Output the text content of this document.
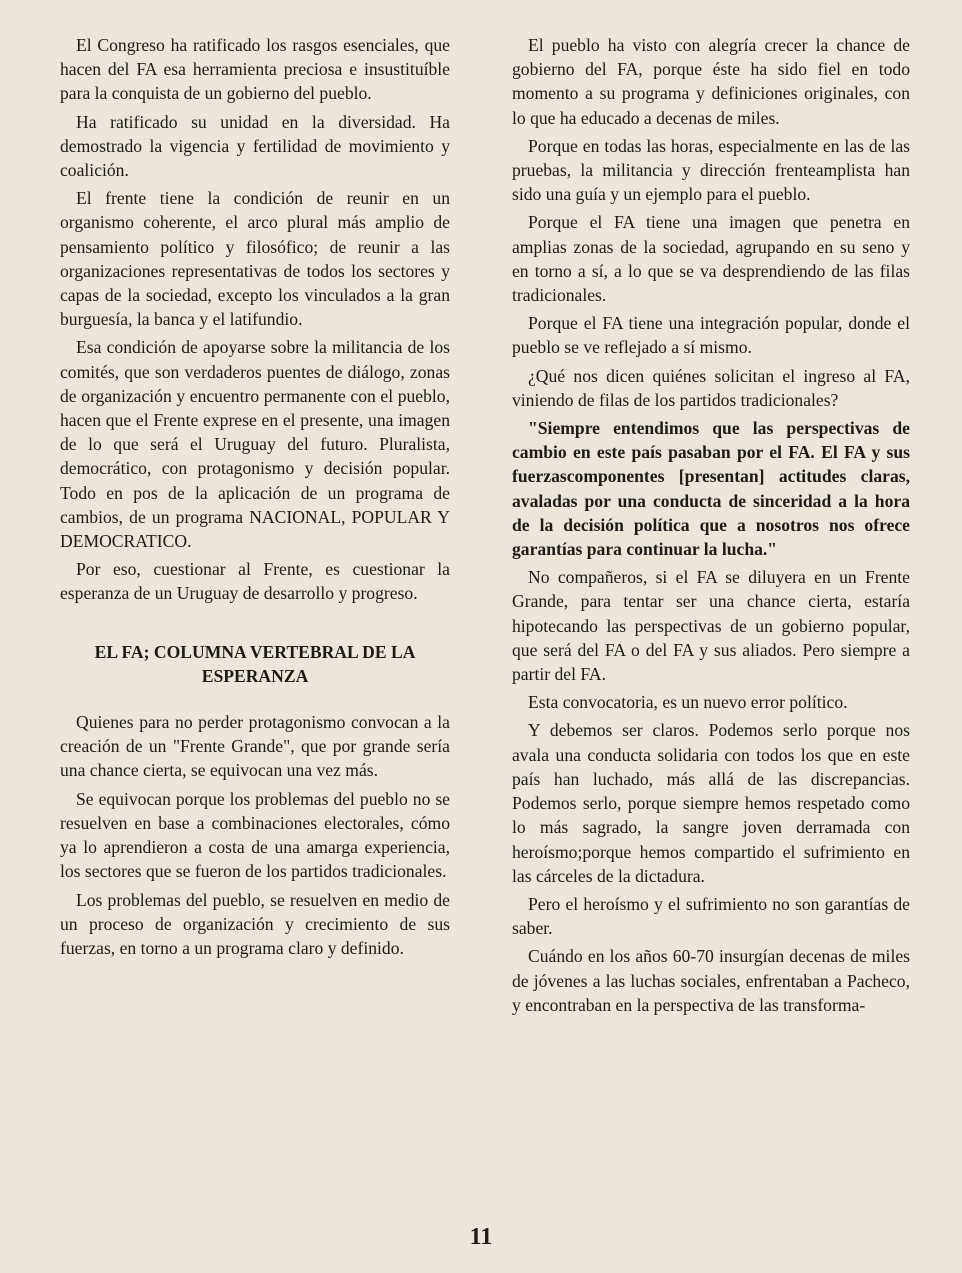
El Congreso ha ratificado los rasgos esenciales, que hacen del FA esa herramienta preciosa e insustituíble para la conquista de un gobierno del pueblo.

Ha ratificado su unidad en la diversidad. Ha demostrado la vigencia y fertilidad de movimiento y coalición.

El frente tiene la condición de reunir en un organismo coherente, el arco plural más amplio de pensamiento político y filosófico; de reunir a las organizaciones representativas de todos los sectores y capas de la sociedad, excepto los vinculados a la gran burguesía, la banca y el latifundio.

Esa condición de apoyarse sobre la militancia de los comités, que son verdaderos puentes de diálogo, zonas de organización y encuentro permanente con el pueblo, hacen que el Frente exprese en el presente, una imagen de lo que será el Uruguay del futuro. Pluralista, democrático, con protagonismo y decisión popular. Todo en pos de la aplicación de un programa de cambios, de un programa NACIONAL, POPULAR Y DEMOCRATICO.

Por eso, cuestionar al Frente, es cuestionar la esperanza de un Uruguay de desarrollo y progreso.

EL FA; COLUMNA VERTEBRAL DE LA ESPERANZA

Quienes para no perder protagonismo convocan a la creación de un "Frente Grande", que por grande sería una chance cierta, se equivocan una vez más.

Se equivocan porque los problemas del pueblo no se resuelven en base a combinaciones electorales, cómo ya lo aprendieron a costa de una amarga experiencia, los sectores que se fueron de los partidos tradicionales.

Los problemas del pueblo, se resuelven en medio de un proceso de organización y crecimiento de sus fuerzas, en torno a un programa claro y definido.

El pueblo ha visto con alegría crecer la chance de gobierno del FA, porque éste ha sido fiel en todo momento a su programa y definiciones originales, con lo que ha educado a decenas de miles.

Porque en todas las horas, especialmente en las de las pruebas, la militancia y dirección frenteamplista han sido una guía y un ejemplo para el pueblo.

Porque el FA tiene una imagen que penetra en amplias zonas de la sociedad, agrupando en su seno y en torno a sí, a lo que se va desprendiendo de las filas tradicionales.

Porque el FA tiene una integración popular, donde el pueblo se ve reflejado a sí mismo.

¿Qué nos dicen quiénes solicitan el ingreso al FA, viniendo de filas de los partidos tradicionales?

"Siempre entendimos que las perspectivas de cambio en este país pasaban por el FA. El FA y sus fuerzascomponentes [presentan] actitudes claras, avaladas por una conducta de sinceridad a la hora de la decisión política que a nosotros nos ofrece garantías para continuar la lucha."

No compañeros, si el FA se diluyera en un Frente Grande, para tentar ser una chance cierta, estaría hipotecando las perspectivas de un gobierno popular, que será del FA o del FA y sus aliados. Pero siempre a partir del FA.

Esta convocatoria, es un nuevo error político.

Y debemos ser claros. Podemos serlo porque nos avala una conducta solidaria con todos los que en este país han luchado, más allá de las discrepancias. Podemos serlo, porque siempre hemos respetado como lo más sagrado, la sangre joven derramada con heroísmo;porque hemos compartido el sufrimiento en las cárceles de la dictadura.

Pero el heroísmo y el sufrimiento no son garantías de saber.

Cuándo en los años 60-70 insurgían decenas de miles de jóvenes a las luchas sociales, enfrentaban a Pacheco, y encontraban en la perspectiva de las transforma-

11
